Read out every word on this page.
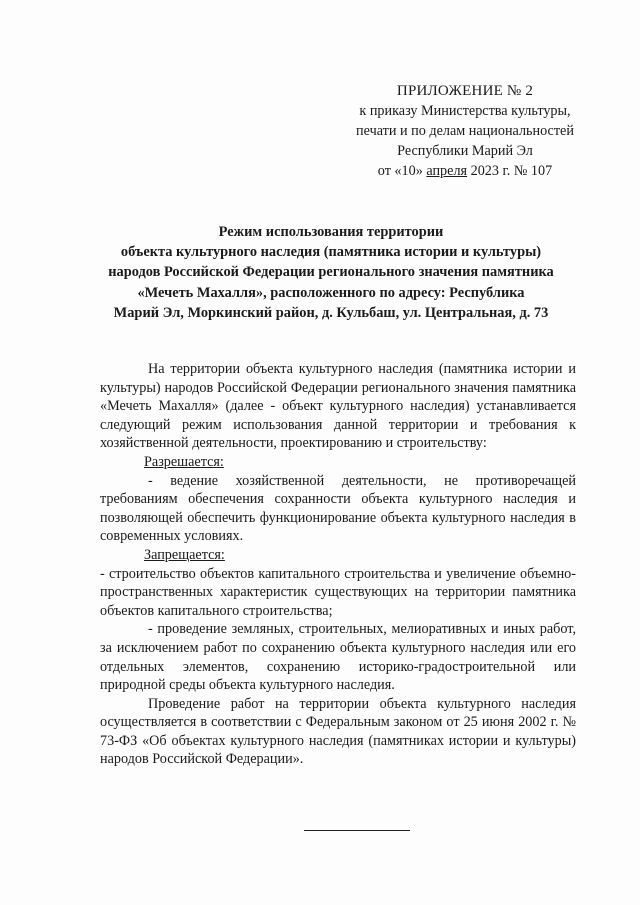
ПРИЛОЖЕНИЕ № 2
к приказу Министерства культуры,
печати и по делам национальностей
Республики Марий Эл
от «10» апреля 2023 г. № 107
Режим использования территории
объекта культурного наследия (памятника истории и культуры)
народов Российской Федерации регионального значения памятника
«Мечеть Махалля», расположенного по адресу: Республика
Марий Эл, Моркинский район, д. Кульбаш, ул. Центральная, д. 73

На территории объекта культурного наследия (памятника истории и культуры) народов Российской Федерации регионального значения памятника «Мечеть Махалля» (далее - объект культурного наследия) устанавливается следующий режим использования данной территории и требования к хозяйственной деятельности, проектированию и строительству:

Разрешается:

- ведение хозяйственной деятельности, не противоречащей требованиям обеспечения сохранности объекта культурного наследия и позволяющей обеспечить функционирование объекта культурного наследия в современных условиях.

Запрещается:

- строительство объектов капитального строительства и увеличение объемно-пространственных характеристик существующих на территории памятника объектов капитального строительства;

- проведение земляных, строительных, мелиоративных и иных работ, за исключением работ по сохранению объекта культурного наследия или его отдельных элементов, сохранению историко-градостроительной или природной среды объекта культурного наследия.

Проведение работ на территории объекта культурного наследия осуществляется в соответствии с Федеральным законом от 25 июня 2002 г. № 73-ФЗ «Об объектах культурного наследия (памятниках истории и культуры) народов Российской Федерации».
